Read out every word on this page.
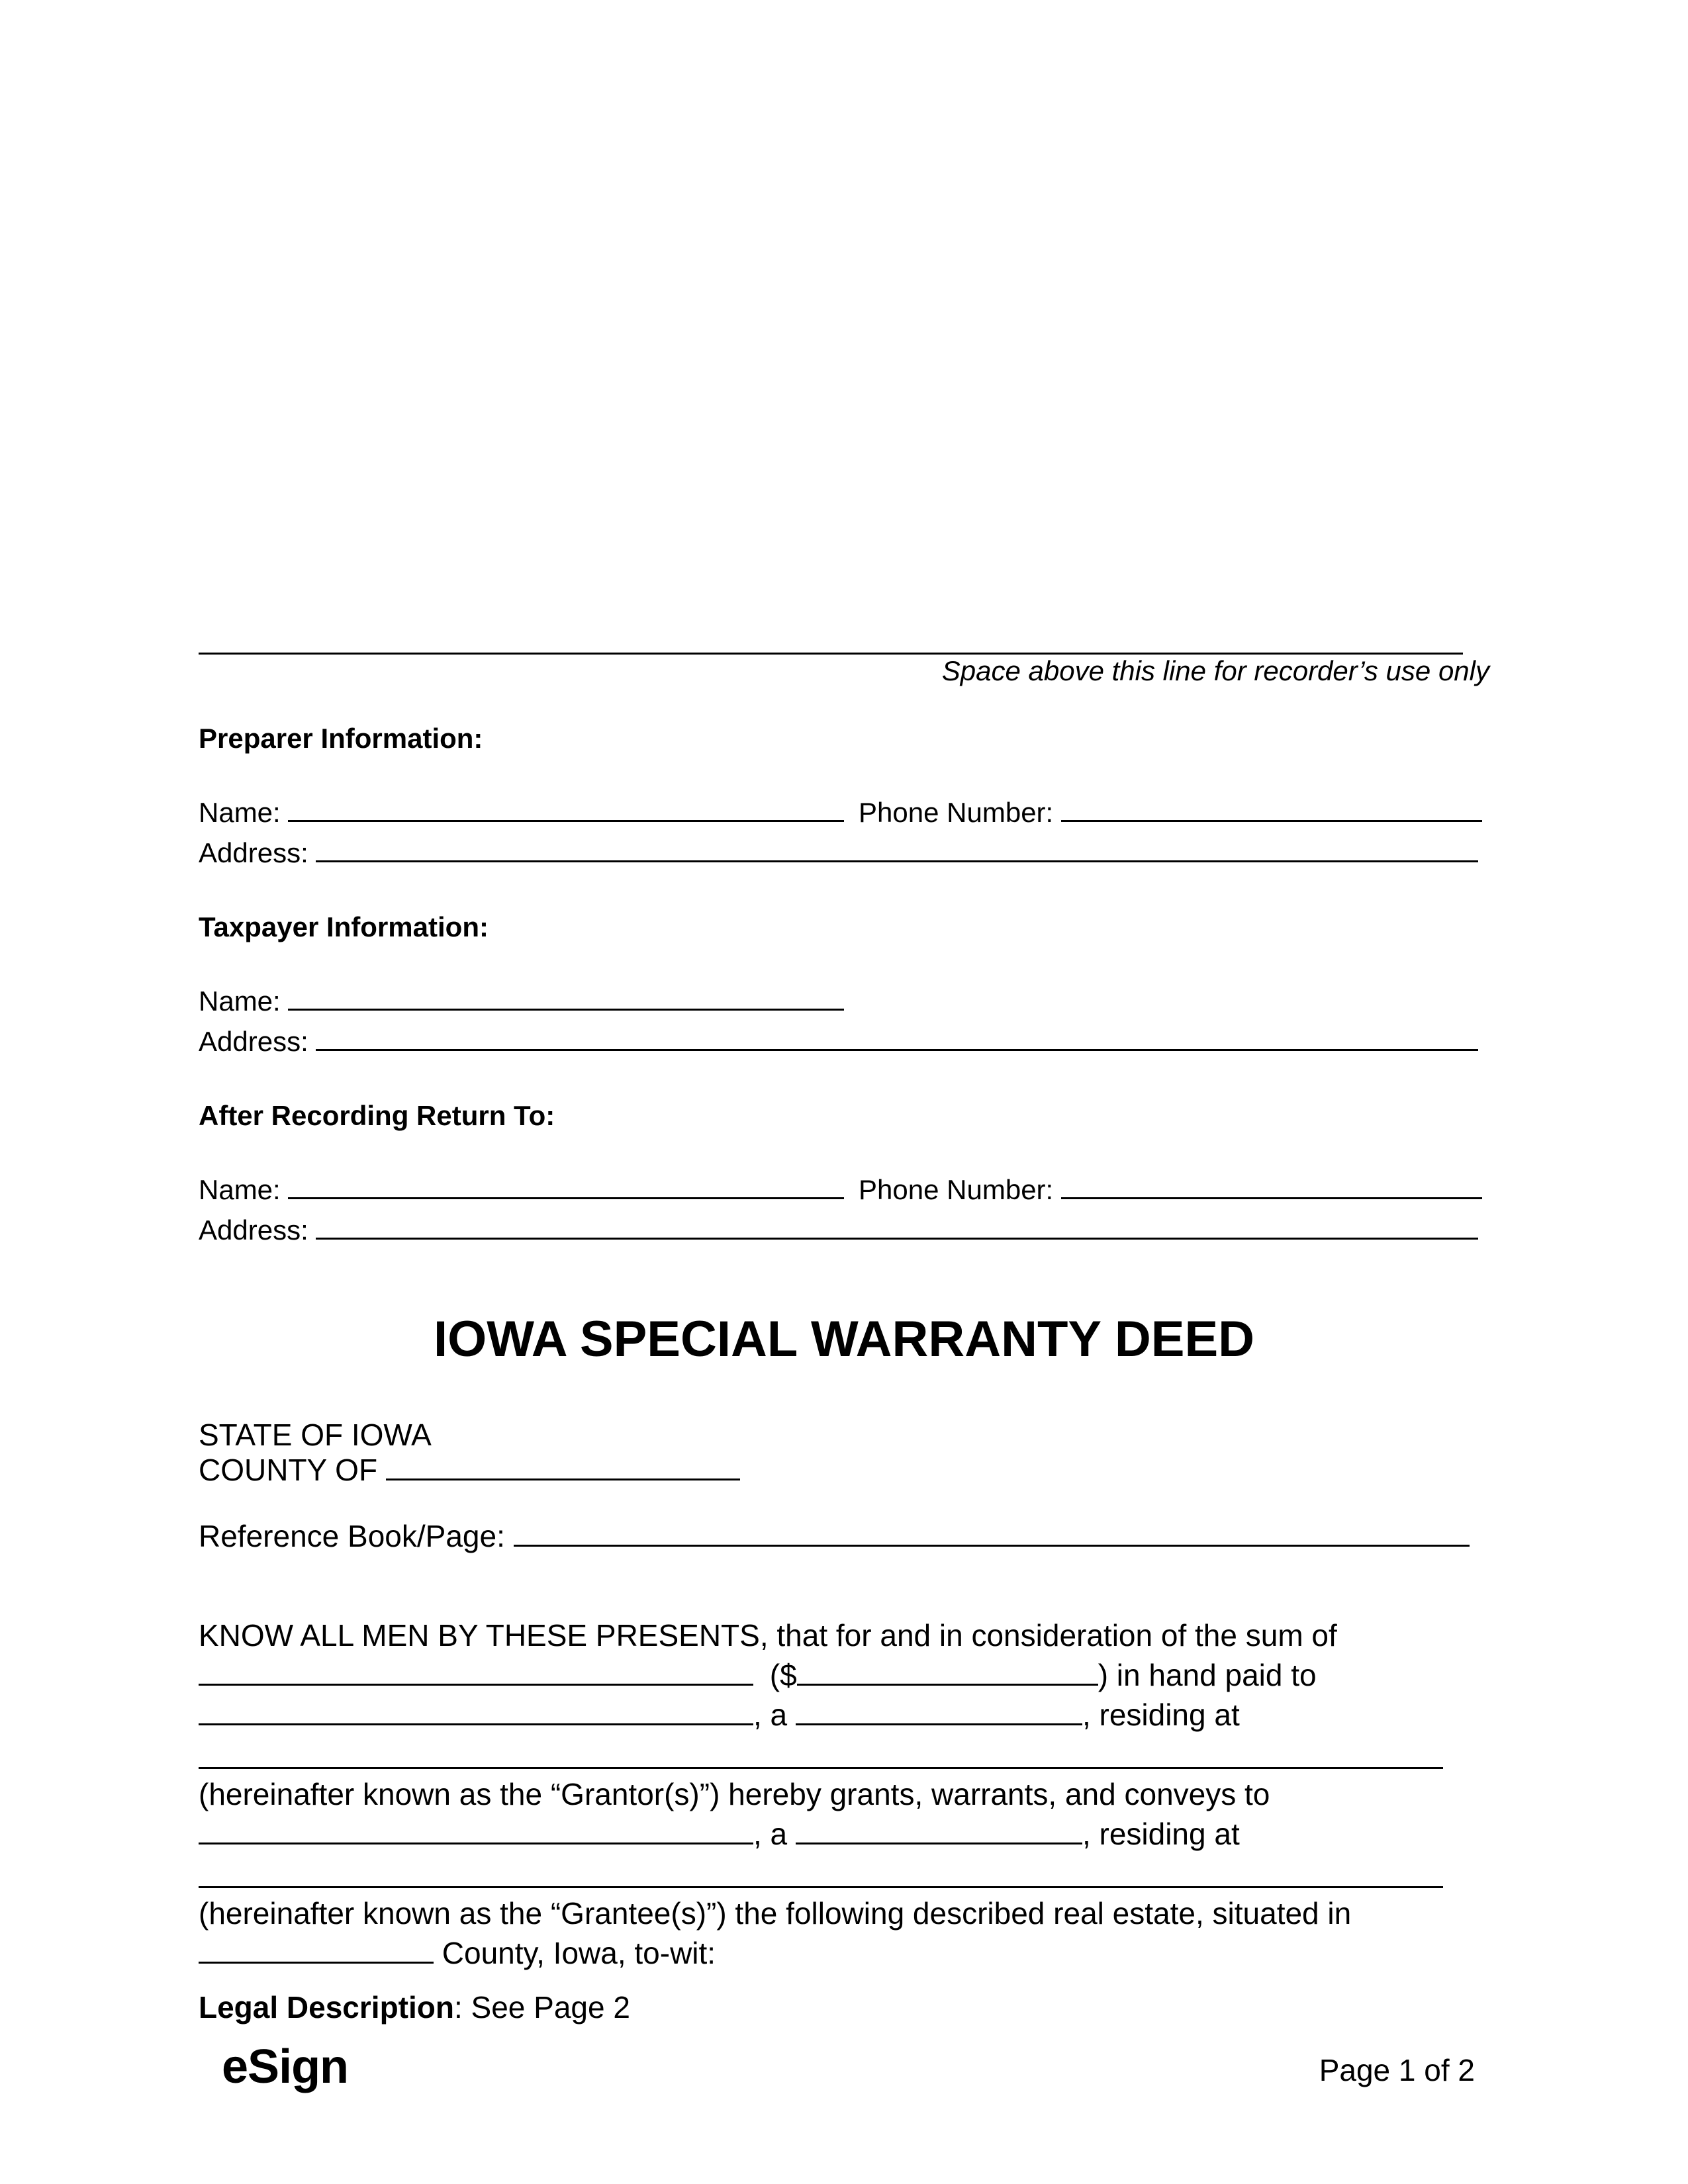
Space above this line for recorder’s use only
Preparer Information:
Name:	Phone Number:
Address:
Taxpayer Information:
Name:
Address:
After Recording Return To:
Name:	Phone Number:
Address:
IOWA SPECIAL WARRANTY DEED
STATE OF IOWA
COUNTY OF
Reference Book/Page:
KNOW ALL MEN BY THESE PRESENTS, that for and in consideration of the sum of
($	) in hand paid to
, a	, residing at
(hereinafter known as the “Grantor(s)”) hereby grants, warrants, and conveys to
, a	, residing at
(hereinafter known as the “Grantee(s)”) the following described real estate, situated in
County, Iowa, to-wit:
Legal Description: See Page 2
eSign	Page 1 of 2
